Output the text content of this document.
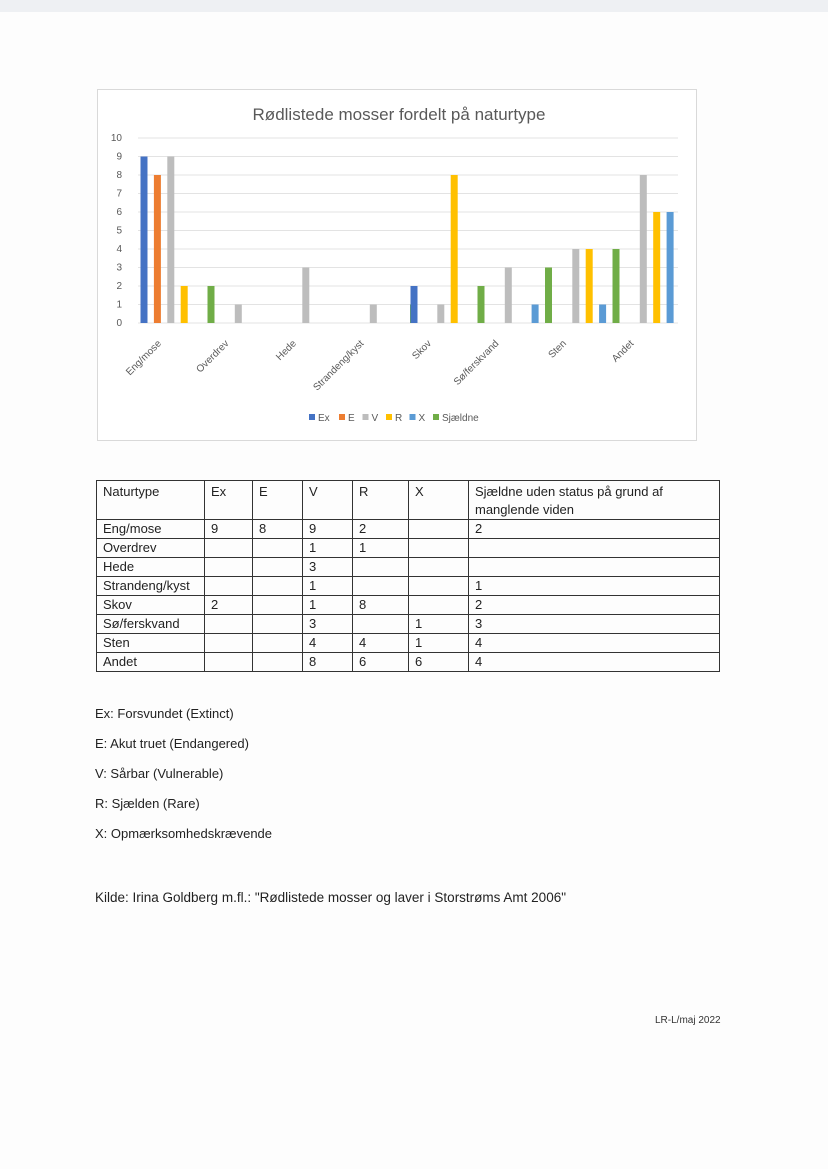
Rødlistede mosser fordelt på naturtype
0
1
2
3
4
5
6
7
8
9
10
Eng/mose	Overdrev	Hede Strandeng/kyst	Skov Sø/ferskvand	Sten	Andet
Ex E V R X Sjældne
Naturtype	Ex	E	V	R	X	Sjældne uden status på grund af manglende viden
Eng/mose	9	8	9	2		2
Overdrev			1	1		
Hede			3			
Strandeng/kyst			1			1
Skov	2		1	8		2
Sø/ferskvand			3		1	3
Sten			4	4	1	4
Andet			8	6	6	4
Ex: Forsvundet (Extinct)
E: Akut truet (Endangered)
V: Sårbar (Vulnerable)
R: Sjælden (Rare)
X: Opmærksomhedskrævende
Kilde: Irina Goldberg m.fl.: "Rødlistede mosser og laver i Storstrøms Amt 2006"
LR-L/maj 2022
